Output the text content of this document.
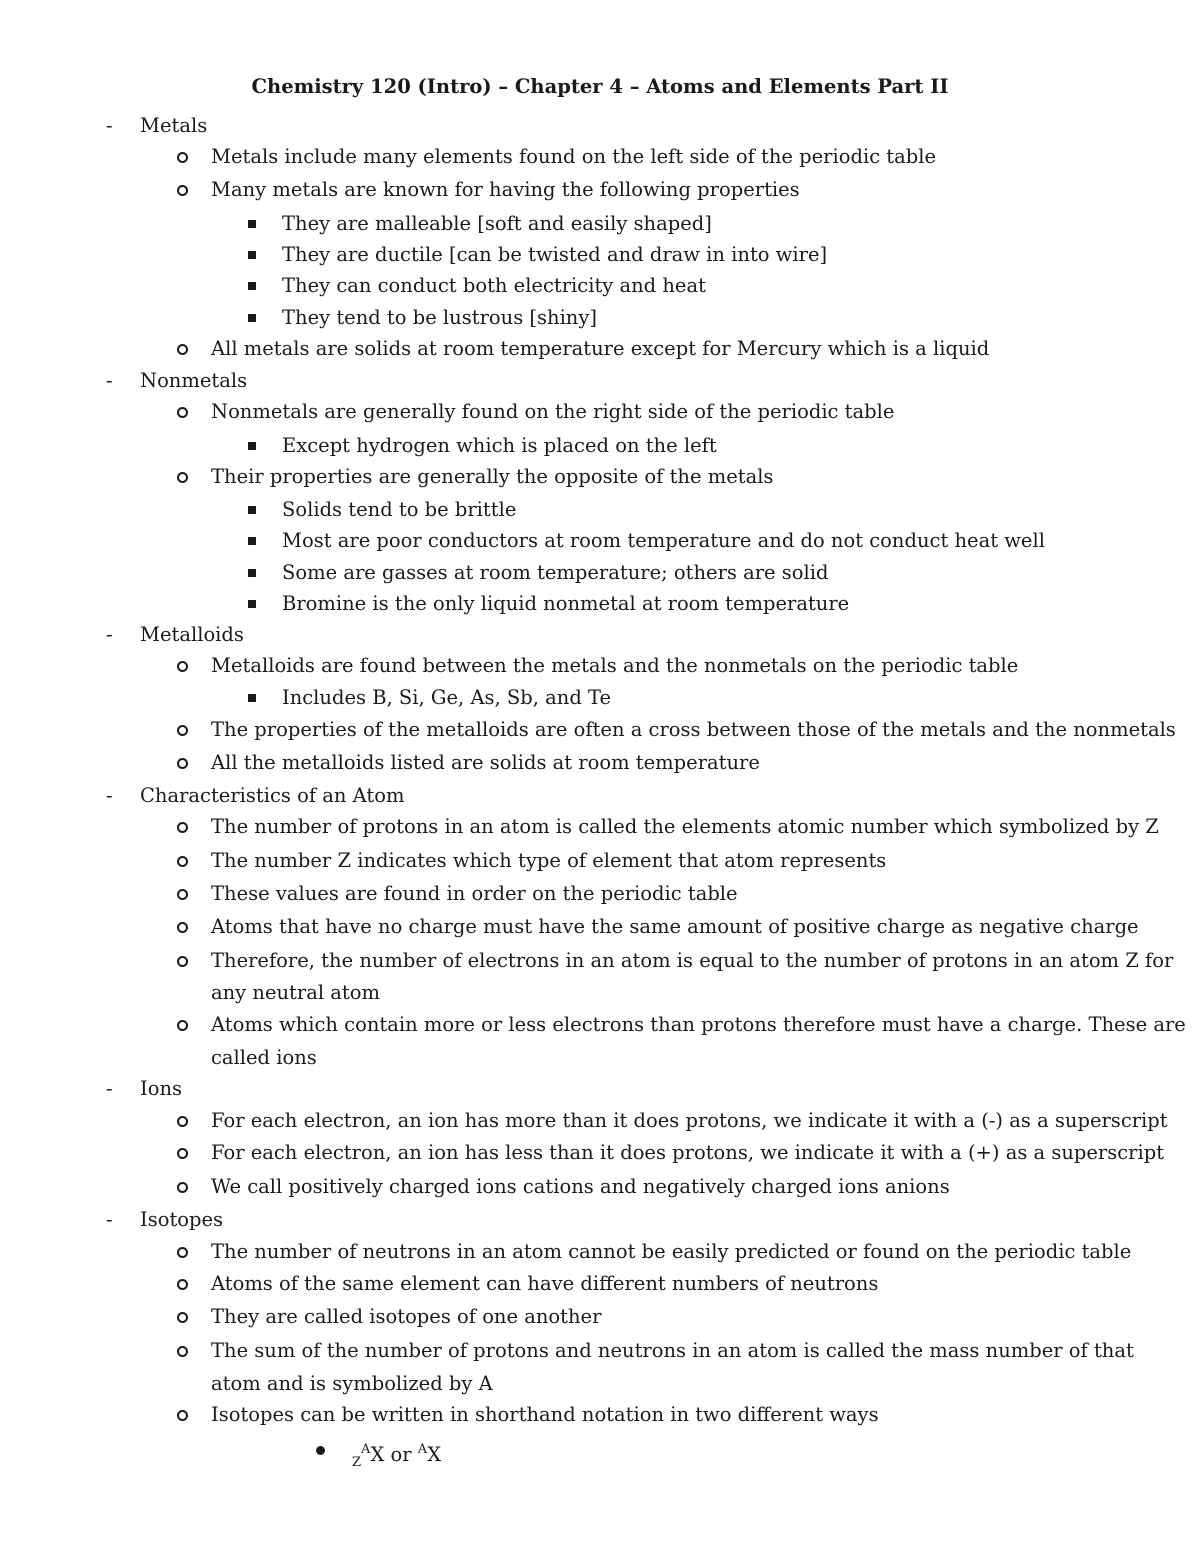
Chemistry 120 (Intro) – Chapter 4 – Atoms and Elements Part II
- Metals
Metals include many elements found on the left side of the periodic table
Many metals are known for having the following properties
They are malleable [soft and easily shaped]
They are ductile [can be twisted and draw in into wire]
They can conduct both electricity and heat
They tend to be lustrous [shiny]
All metals are solids at room temperature except for Mercury which is a liquid
- Nonmetals
Nonmetals are generally found on the right side of the periodic table
Except hydrogen which is placed on the left
Their properties are generally the opposite of the metals
Solids tend to be brittle
Most are poor conductors at room temperature and do not conduct heat well
Some are gasses at room temperature; others are solid
Bromine is the only liquid nonmetal at room temperature
- Metalloids
Metalloids are found between the metals and the nonmetals on the periodic table
Includes B, Si, Ge, As, Sb, and Te
The properties of the metalloids are often a cross between those of the metals and the nonmetals
All the metalloids listed are solids at room temperature
- Characteristics of an Atom
The number of protons in an atom is called the elements atomic number which symbolized by Z
The number Z indicates which type of element that atom represents
These values are found in order on the periodic table
Atoms that have no charge must have the same amount of positive charge as negative charge
Therefore, the number of electrons in an atom is equal to the number of protons in an atom Z for
any neutral atom
Atoms which contain more or less electrons than protons therefore must have a charge. These are
called ions
- Ions
For each electron, an ion has more than it does protons, we indicate it with a (-) as a superscript
For each electron, an ion has less than it does protons, we indicate it with a (+) as a superscript
We call positively charged ions cations and negatively charged ions anions
- Isotopes
The number of neutrons in an atom cannot be easily predicted or found on the periodic table
Atoms of the same element can have different numbers of neutrons
They are called isotopes of one another
The sum of the number of protons and neutrons in an atom is called the mass number of that
atom and is symbolized by A
Isotopes can be written in shorthand notation in two different ways
$_Z^A$X or $^A$X
